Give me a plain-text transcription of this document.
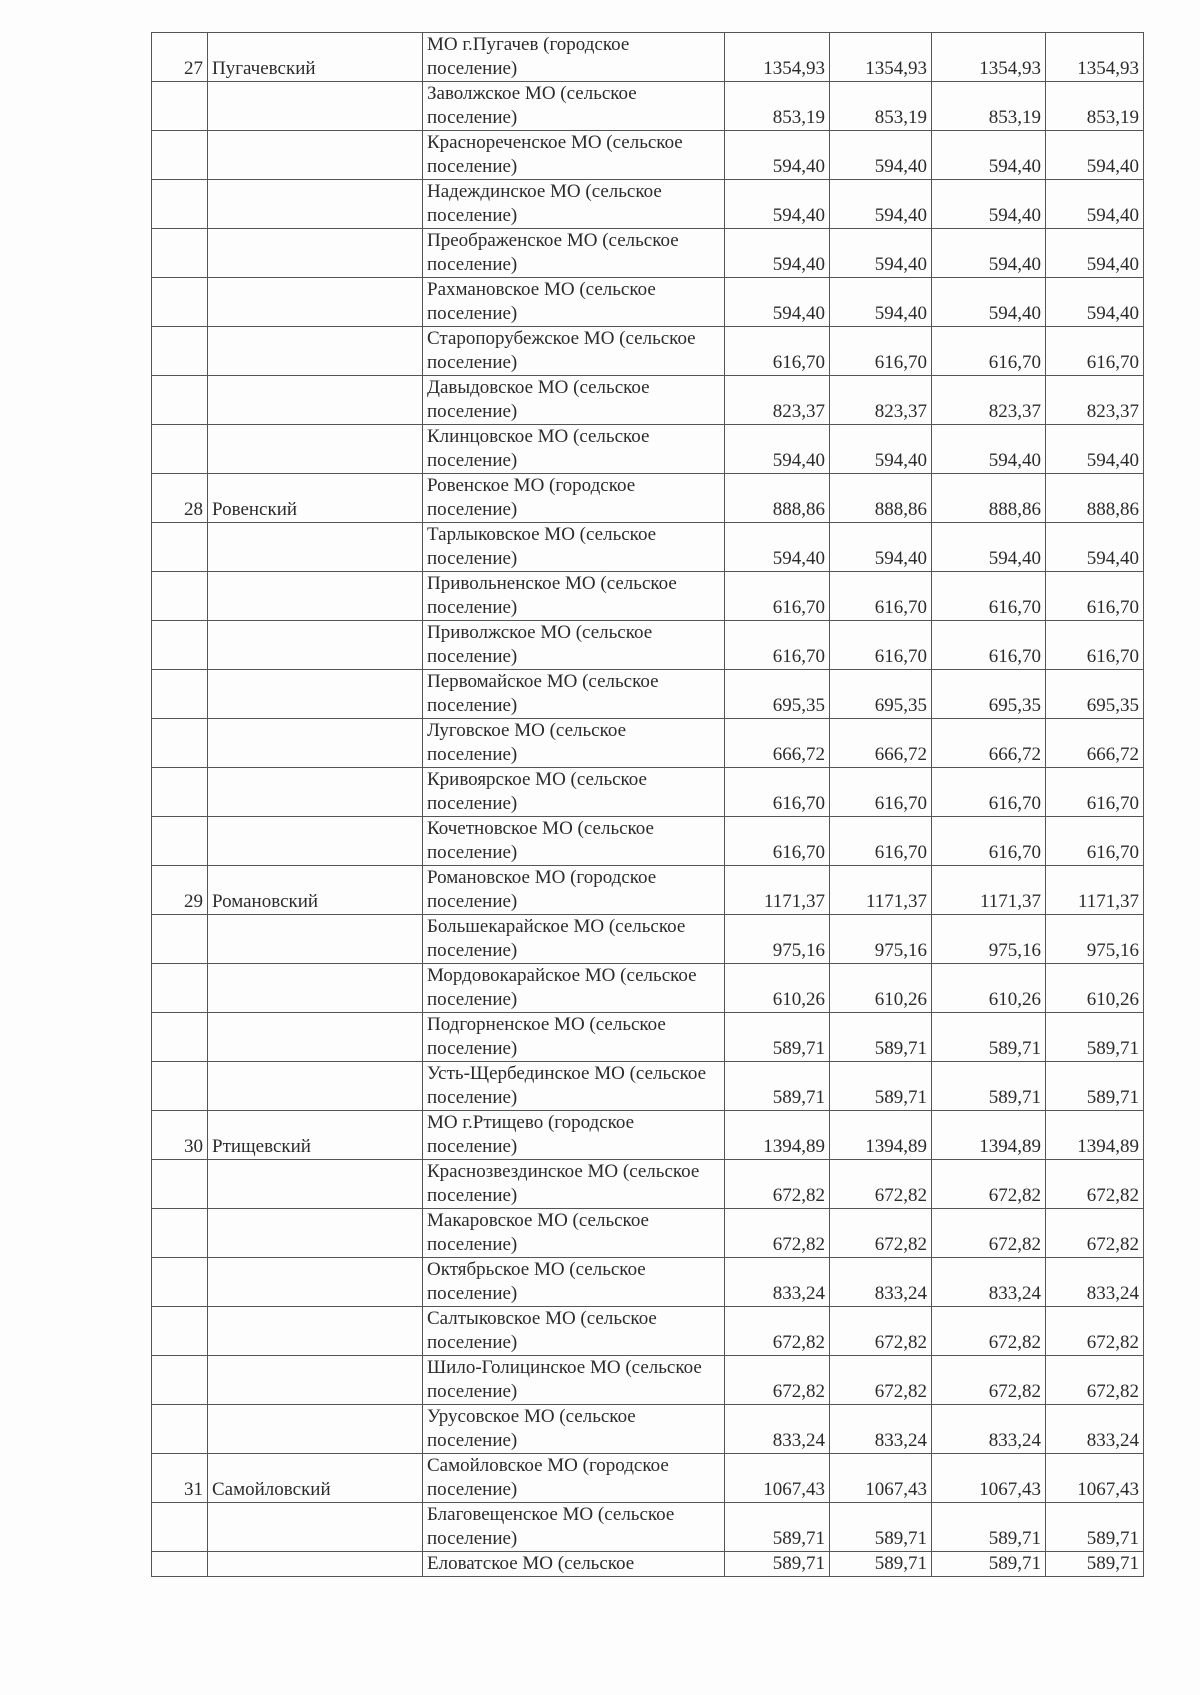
27	Пугачевский	МО г.Пугачев (городское поселение)	1354,93	1354,93	1354,93	1354,93
		Заволжское МО (сельское поселение)	853,19	853,19	853,19	853,19
		Краснореченское МО (сельское поселение)	594,40	594,40	594,40	594,40
		Надеждинское МО (сельское поселение)	594,40	594,40	594,40	594,40
		Преображенское МО (сельское поселение)	594,40	594,40	594,40	594,40
		Рахмановское МО (сельское поселение)	594,40	594,40	594,40	594,40
		Старопорубежское МО (сельское поселение)	616,70	616,70	616,70	616,70
		Давыдовское МО (сельское поселение)	823,37	823,37	823,37	823,37
		Клинцовское МО (сельское поселение)	594,40	594,40	594,40	594,40
28	Ровенский	Ровенское МО (городское поселение)	888,86	888,86	888,86	888,86
		Тарлыковское МО (сельское поселение)	594,40	594,40	594,40	594,40
		Привольненское МО (сельское поселение)	616,70	616,70	616,70	616,70
		Приволжское МО (сельское поселение)	616,70	616,70	616,70	616,70
		Первомайское МО (сельское поселение)	695,35	695,35	695,35	695,35
		Луговское МО (сельское поселение)	666,72	666,72	666,72	666,72
		Кривоярское МО (сельское поселение)	616,70	616,70	616,70	616,70
		Кочетновское МО (сельское поселение)	616,70	616,70	616,70	616,70
29	Романовский	Романовское МО (городское поселение)	1171,37	1171,37	1171,37	1171,37
		Большекарайское МО (сельское поселение)	975,16	975,16	975,16	975,16
		Мордовокарайское МО (сельское поселение)	610,26	610,26	610,26	610,26
		Подгорненское МО (сельское поселение)	589,71	589,71	589,71	589,71
		Усть-Щербединское МО (сельское поселение)	589,71	589,71	589,71	589,71
30	Ртищевский	МО г.Ртищево (городское поселение)	1394,89	1394,89	1394,89	1394,89
		Краснозвездинское МО (сельское поселение)	672,82	672,82	672,82	672,82
		Макаровское МО (сельское поселение)	672,82	672,82	672,82	672,82
		Октябрьское МО (сельское поселение)	833,24	833,24	833,24	833,24
		Салтыковское МО (сельское поселение)	672,82	672,82	672,82	672,82
		Шило-Голицинское МО (сельское поселение)	672,82	672,82	672,82	672,82
		Урусовское МО (сельское поселение)	833,24	833,24	833,24	833,24
31	Самойловский	Самойловское МО (городское поселение)	1067,43	1067,43	1067,43	1067,43
		Благовещенское МО (сельское поселение)	589,71	589,71	589,71	589,71
		Еловатское МО (сельское	589,71	589,71	589,71	589,71
